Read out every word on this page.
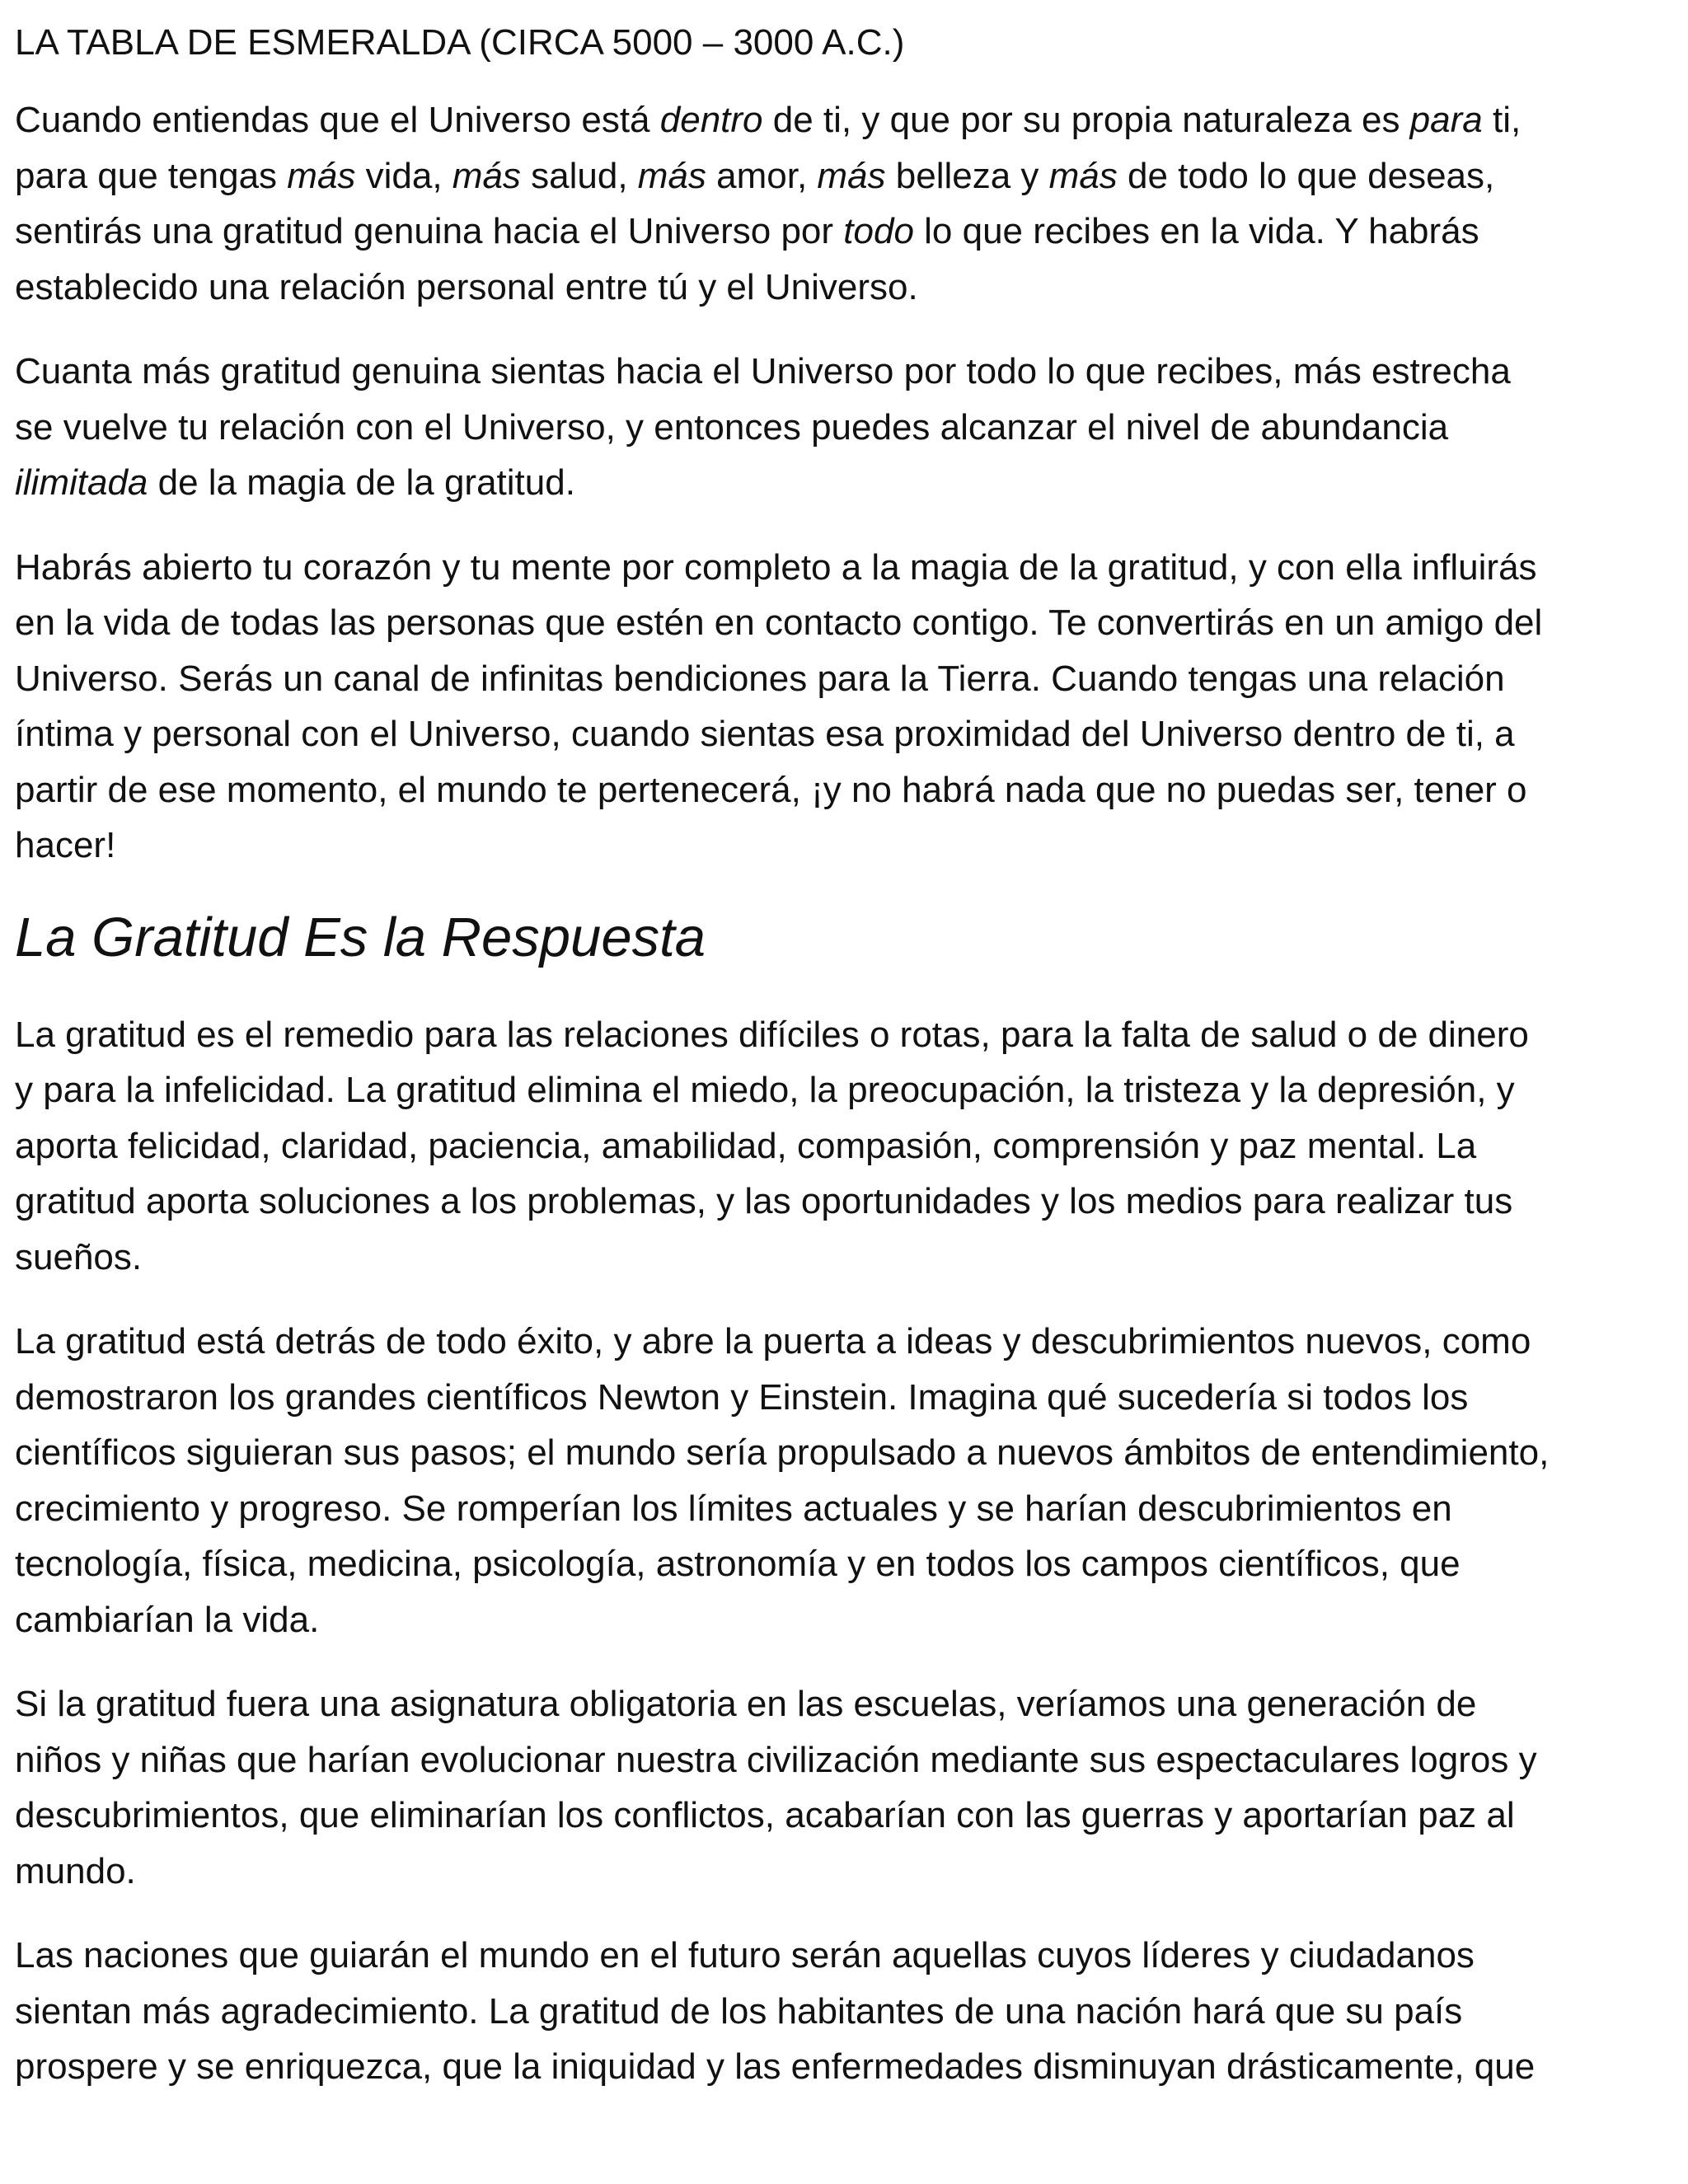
LA TABLA DE ESMERALDA (CIRCA 5000 – 3000 A.C.)

Cuando entiendas que el Universo está dentro de ti, y que por su propia naturaleza es para ti,
para que tengas más vida, más salud, más amor, más belleza y más de todo lo que deseas,
sentirás una gratitud genuina hacia el Universo por todo lo que recibes en la vida. Y habrás
establecido una relación personal entre tú y el Universo.

Cuanta más gratitud genuina sientas hacia el Universo por todo lo que recibes, más estrecha
se vuelve tu relación con el Universo, y entonces puedes alcanzar el nivel de abundancia
ilimitada de la magia de la gratitud.

Habrás abierto tu corazón y tu mente por completo a la magia de la gratitud, y con ella influirás
en la vida de todas las personas que estén en contacto contigo. Te convertirás en un amigo del
Universo. Serás un canal de infinitas bendiciones para la Tierra. Cuando tengas una relación
íntima y personal con el Universo, cuando sientas esa proximidad del Universo dentro de ti, a
partir de ese momento, el mundo te pertenecerá, ¡y no habrá nada que no puedas ser, tener o
hacer!

La Gratitud Es la Respuesta

La gratitud es el remedio para las relaciones difíciles o rotas, para la falta de salud o de dinero
y para la infelicidad. La gratitud elimina el miedo, la preocupación, la tristeza y la depresión, y
aporta felicidad, claridad, paciencia, amabilidad, compasión, comprensión y paz mental. La
gratitud aporta soluciones a los problemas, y las oportunidades y los medios para realizar tus
sueños.

La gratitud está detrás de todo éxito, y abre la puerta a ideas y descubrimientos nuevos, como
demostraron los grandes científicos Newton y Einstein. Imagina qué sucedería si todos los
científicos siguieran sus pasos; el mundo sería propulsado a nuevos ámbitos de entendimiento,
crecimiento y progreso. Se romperían los límites actuales y se harían descubrimientos en
tecnología, física, medicina, psicología, astronomía y en todos los campos científicos, que
cambiarían la vida.

Si la gratitud fuera una asignatura obligatoria en las escuelas, veríamos una generación de
niños y niñas que harían evolucionar nuestra civilización mediante sus espectaculares logros y
descubrimientos, que eliminarían los conflictos, acabarían con las guerras y aportarían paz al
mundo.

Las naciones que guiarán el mundo en el futuro serán aquellas cuyos líderes y ciudadanos
sientan más agradecimiento. La gratitud de los habitantes de una nación hará que su país
prospere y se enriquezca, que la iniquidad y las enfermedades disminuyan drásticamente, que
